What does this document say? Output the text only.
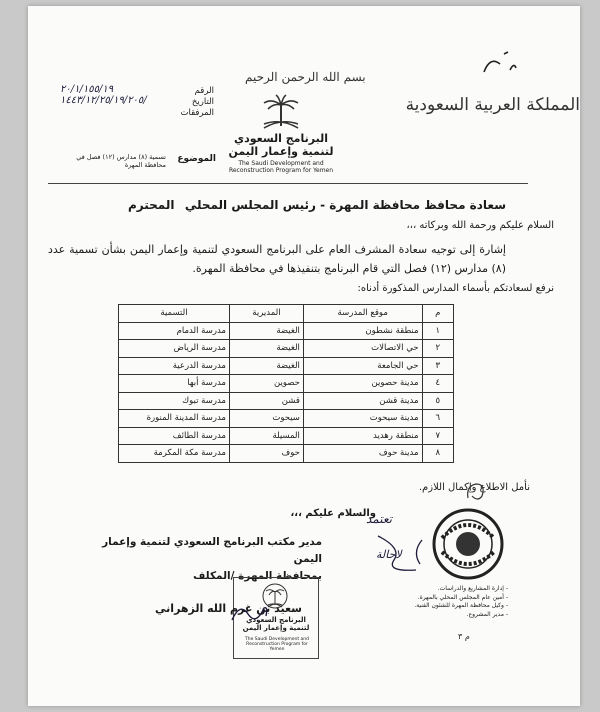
المملكة العربية السعودية
بسم الله الرحمن الرحيم
البرنامج السعودي
لتنمية وإعمار اليمن
The Saudi Development and
Reconstruction Program for Yemen
الرقم
التاريخ
المرفقات
٢٠/١/١٥٥/١٩
١٤٤٣/١٢/٢٥/١٩/٢٠٥/
الموضوع
تسمية (٨) مدارس (١٢) فصل في محافظة المهرة
سعادة محافظ محافظة المهرة - رئيس المجلس المحلي
المحترم
السلام عليكم ورحمة الله وبركاته ،،،
إشارة إلى توجيه سعادة المشرف العام على البرنامج السعودي لتنمية وإعمار اليمن بشأن تسمية عدد (٨) مدارس (١٢) فصل التي قام البرنامج بتنفيذها في محافظة المهرة.
نرفع لسعادتكم بأسماء المدارس المذكورة أدناه:
م	موقع المدرسة	المديرية	التسمية
١	منطقة نشطون	الغيضة	مدرسة الدمام
٢	حي الاتصالات	الغيضة	مدرسة الرياض
٣	حي الجامعة	الغيضة	مدرسة الدرعية
٤	مدينة حصوين	حصوين	مدرسة أبها
٥	مدينة قشن	قشن	مدرسة تبوك
٦	مدينة سيحوت	سيحوت	مدرسة المدينة المنورة
٧	منطقة رهديد	المسيلة	مدرسة الطائف
٨	مدينة حوف	حوف	مدرسة مكة المكرمة
نأمل الاطلاع وإكمال اللازم.
والسلام عليكم ،،،
مدير مكتب البرنامج السعودي لتنمية وإعمار اليمن
بمحافظة المهرة /المكلف
البرنامج السعودي
لتنمية وإعمار اليمن
The Saudi Development and
Reconstruction Program for Yemen
سعيد بن غرم الله الزهراني
تعتمد
لاحالة
- إدارة المشاريع والدراسات.
- أمين عام المجلس المحلي بالمهرة.
- وكيل محافظة المهرة للشئون الفنية.
- مدير المشروع.
م ٣
